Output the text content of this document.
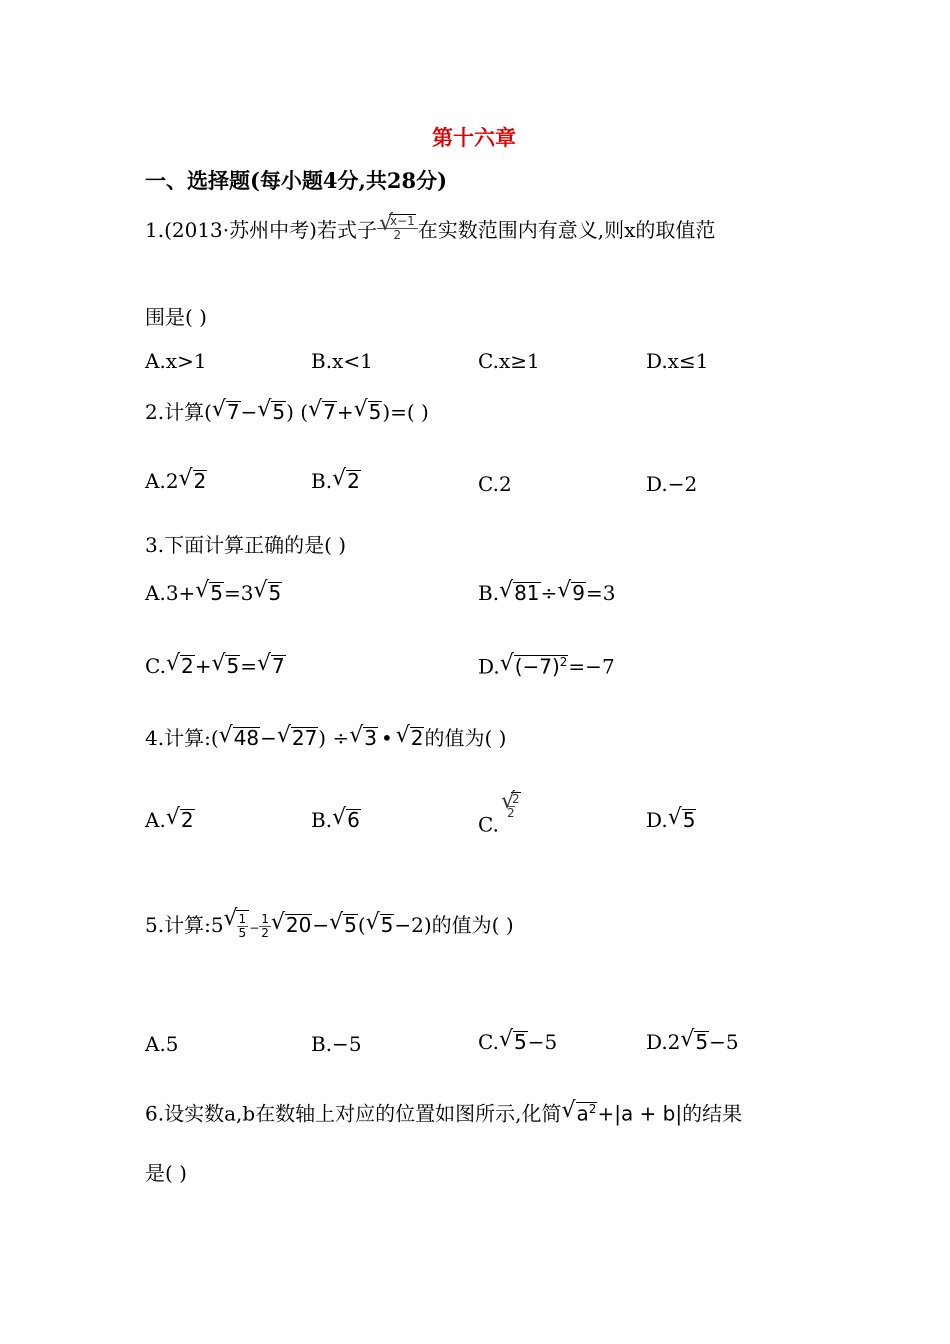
第十六章
一、选择题(每小题4分,共28分)
1.(2013·苏州中考)若式子 √ $\frac{x-1}{2}$ 在实数范围内有意义,则x的取值范
围是( )
A.x>1	B.x<1	C.x≥1	D.x≤1
2.计算( √ 7− √ 5) ( √ 7+ √ 5)=( )
A.2 √ 2	B. √ 2	C.2	D.−2
3.下面计算正确的是( )
A.3+ √ 5=3 √ 5	B. √ 81÷ √ 9=3
C. √ 2+ √ 5= √ 7	D. √ $(-7)^2=-7$
4.计算:( √ 48− √ 27) ÷ √ 3 • √ 2的值为( )
A. √ 2	B. √ 6	C.
√ $\frac{2}{2}$	D. √ 5
5.计算:5 √ $\frac{1}{5} - \frac{1}{2}$ √ 20− √ 5( √ 5−2)的值为( )
A.5	B.−5	C. √ 5−5	D.2 √ 5−5
6.设实数a,b在数轴上对应的位置如图所示,化简 √ $a^2+|a + b|$的结果
是( )
